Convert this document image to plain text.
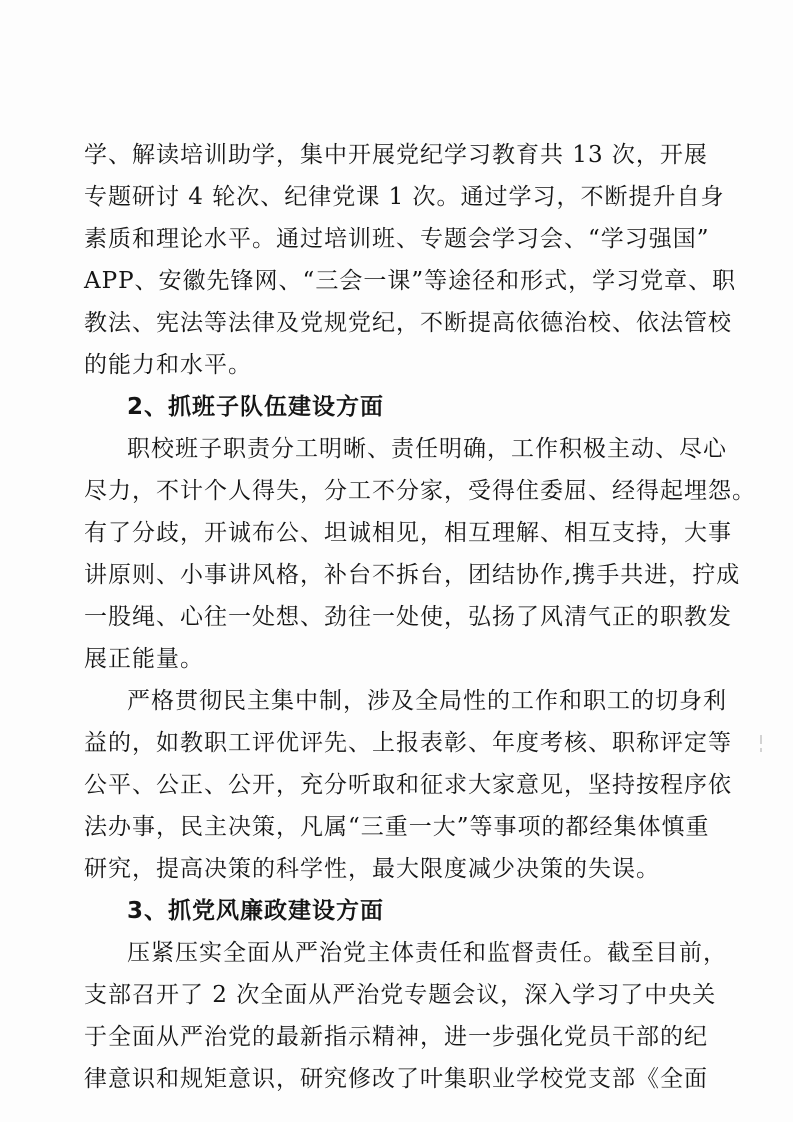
学、解读培训助学，集中开展党纪学习教育共 13 次，开展
专题研讨 4 轮次、纪律党课 1 次。通过学习，不断提升自身
素质和理论水平。通过培训班、专题会学习会、“学习强国”
APP、安徽先锋网、“三会一课”等途径和形式，学习党章、职
教法、宪法等法律及党规党纪，不断提高依德治校、依法管校
的能力和水平。
2、抓班子队伍建设方面
职校班子职责分工明晰、责任明确，工作积极主动、尽心
尽力，不计个人得失，分工不分家，受得住委屈、经得起埋怨。
有了分歧，开诚布公、坦诚相见，相互理解、相互支持，大事
讲原则、小事讲风格，补台不拆台，团结协作,携手共进，拧成
一股绳、心往一处想、劲往一处使，弘扬了风清气正的职教发
展正能量。
严格贯彻民主集中制，涉及全局性的工作和职工的切身利
益的，如教职工评优评先、上报表彰、年度考核、职称评定等
公平、公正、公开，充分听取和征求大家意见，坚持按程序依
法办事，民主决策，凡属“三重一大”等事项的都经集体慎重
研究，提高决策的科学性，最大限度减少决策的失误。
3、抓党风廉政建设方面
压紧压实全面从严治党主体责任和监督责任。截至目前，
支部召开了 2 次全面从严治党专题会议，深入学习了中央关
于全面从严治党的最新指示精神，进一步强化党员干部的纪
律意识和规矩意识，研究修改了叶集职业学校党支部《全面
